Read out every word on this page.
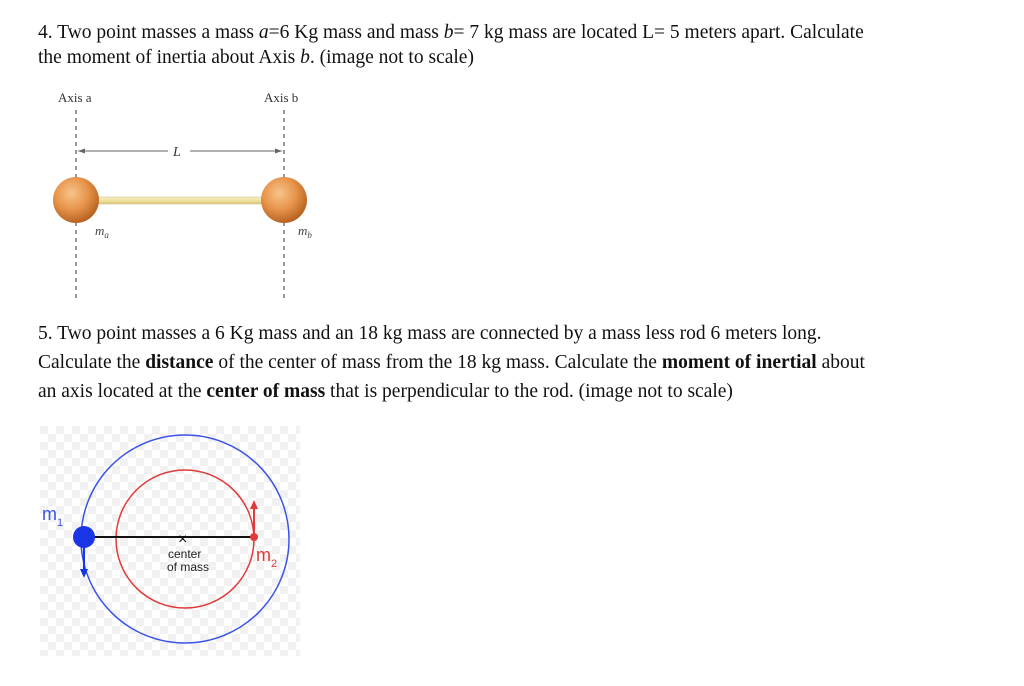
4. Two point masses a mass a=6 Kg mass and mass b= 7 kg mass are located L= 5 meters apart. Calculate
the moment of inertia about Axis b. (image not to scale)
Axis a	Axis b
L
$m_a$	$m_b$
5. Two point masses a 6 Kg mass and an 18 kg mass are connected by a mass less rod 6 meters long.
Calculate the distance of the center of mass from the 18 kg mass. Calculate the moment of inertial about
an axis located at the center of mass that is perpendicular to the rod. (image not to scale)
×
center
of mass
$m_1$
$m_2$
